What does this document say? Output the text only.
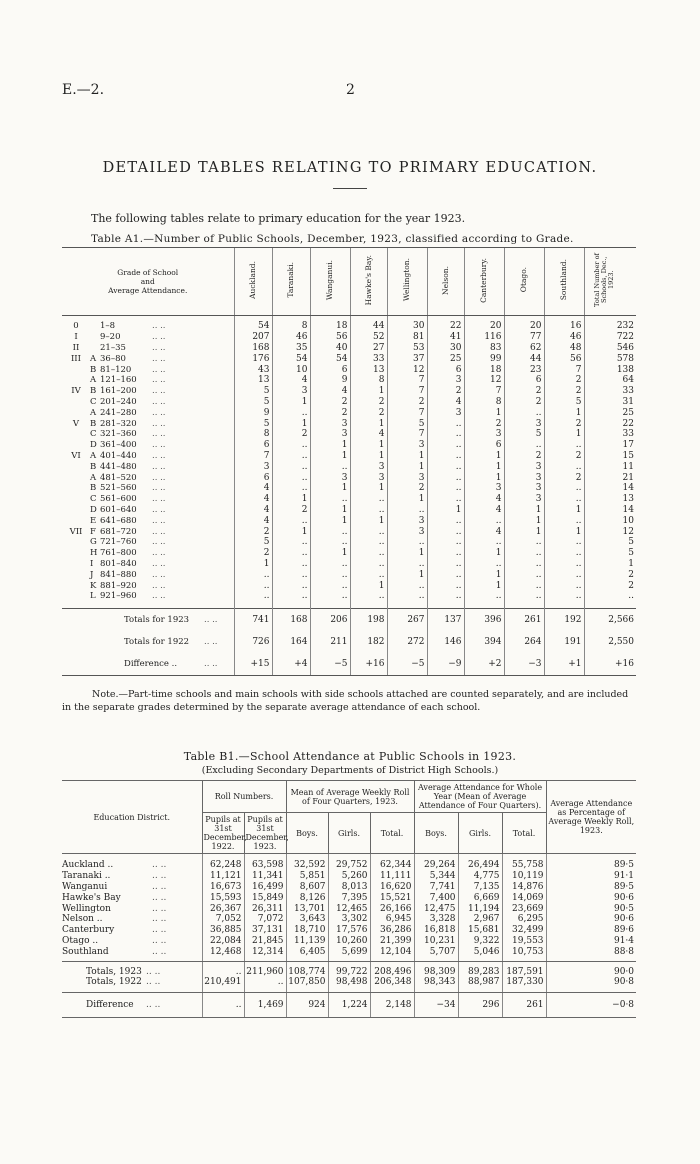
E.—2.	2
DETAILED TABLES RELATING TO PRIMARY EDUCATION.
The following tables relate to primary education for the year 1923.
Table A1.—Number of Public Schools, December, 1923, classified according to Grade.
Grade of School
and
Average Attendance.	Auckland.	Taranaki.	Wanganui.	Hawke's Bay.	Wellington.	Nelson.	Canterbury.	Otago.	Southland.	Total Number of Schools, Dec., 1923.
0 1–8 .. ..	54	8	18	44	30	22	20	20	16	232
I 9–20 .. ..	207	46	56	52	81	41	116	77	46	722
II 21–35 .. ..	168	35	40	27	53	30	83	62	48	546
III A 36–80 .. ..	176	54	54	33	37	25	99	44	56	578
B 81–120 .. ..	43	10	6	13	12	6	18	23	7	138
A 121–160 .. ..	13	4	9	8	7	3	12	6	2	64
IV B 161–200 .. ..	5	3	4	1	7	2	7	2	2	33
C 201–240 .. ..	5	1	2	2	2	4	8	2	5	31
A 241–280 .. ..	9	..	2	2	7	3	1	..	1	25
V B 281–320 .. ..	5	1	3	1	5	..	2	3	2	22
C 321–360 .. ..	8	2	3	4	7	..	3	5	1	33
D 361–400 .. ..	6	..	1	1	3	..	6	..	..	17
VI A 401–440 .. ..	7	..	1	1	1	..	1	2	2	15
B 441–480 .. ..	3	..	..	3	1	..	1	3	..	11
A 481–520 .. ..	6	..	3	3	3	..	1	3	2	21
B 521–560 .. ..	4	..	1	1	2	..	3	3	..	14
C 561–600 .. ..	4	1	..	..	1	..	4	3	..	13
D 601–640 .. ..	4	2	1	..	..	1	4	1	1	14
E 641–680 .. ..	4	..	1	1	3	..	..	1	..	10
VII F 681–720 .. ..	2	1	..	..	3	..	4	1	1	12
G 721–760 .. ..	5	..	..	..	..	..	..	..	..	5
H 761–800 .. ..	2	..	1	..	1	..	1	..	..	5
I 801–840 .. ..	1	..	..	..	..	..	..	..	..	1
J 841–880 .. ..	..	..	..	..	1	..	1	..	..	2
K 881–920 .. ..	..	..	..	1	..	..	1	..	..	2
L 921–960 .. ..	..	..	..	..	..	..	..	..	..	..
Totals for 1923 .. ..	741	168	206	198	267	137	396	261	192	2,566
Totals for 1922 .. ..	726	164	211	182	272	146	394	264	191	2,550
Difference .. .. ..	+15	+4	−5	+16	−5	−9	+2	−3	+1	+16
Note.—Part-time schools and main schools with side schools attached are counted separately, and are included in the separate grades determined by the separate average attendance of each school.
Table B1.—School Attendance at Public Schools in 1923.
(Excluding Secondary Departments of District High Schools.)
Education District.	Roll Numbers.		Mean of Average Weekly Roll of Four Quarters, 1923.			Average Attendance for Whole Year (Mean of Average Attendance of Four Quarters).			Average Attendance as Percentage of Average Weekly Roll, 1923.
	Pupils at 31st December, 1922.	Pupils at 31st December, 1923.	Boys.	Girls.	Total.	Boys.	Girls.	Total.	
Auckland .. .. ..	62,248	63,598	32,592	29,752	62,344	29,264	26,494	55,758	89·5
Taranaki .. .. ..	11,121	11,341	5,851	5,260	11,111	5,344	4,775	10,119	91·1
Wanganui .. ..	16,673	16,499	8,607	8,013	16,620	7,741	7,135	14,876	89·5
Hawke's Bay .. ..	15,593	15,849	8,126	7,395	15,521	7,400	6,669	14,069	90·6
Wellington .. ..	26,367	26,311	13,701	12,465	26,166	12,475	11,194	23,669	90·5
Nelson .. .. ..	7,052	7,072	3,643	3,302	6,945	3,328	2,967	6,295	90·6
Canterbury .. ..	36,885	37,131	18,710	17,576	36,286	16,818	15,681	32,499	89·6
Otago .. .. ..	22,084	21,845	11,139	10,260	21,399	10,231	9,322	19,553	91·4
Southland .. ..	12,468	12,314	6,405	5,699	12,104	5,707	5,046	10,753	88·8
Totals, 1923 .. ..	..	211,960	108,774	99,722	208,496	98,309	89,283	187,591	90·0
Totals, 1922 .. ..	210,491	..	107,850	98,498	206,348	98,343	88,987	187,330	90·8
Difference .. ..	..	1,469	924	1,224	2,148	−34	296	261	−0·8
